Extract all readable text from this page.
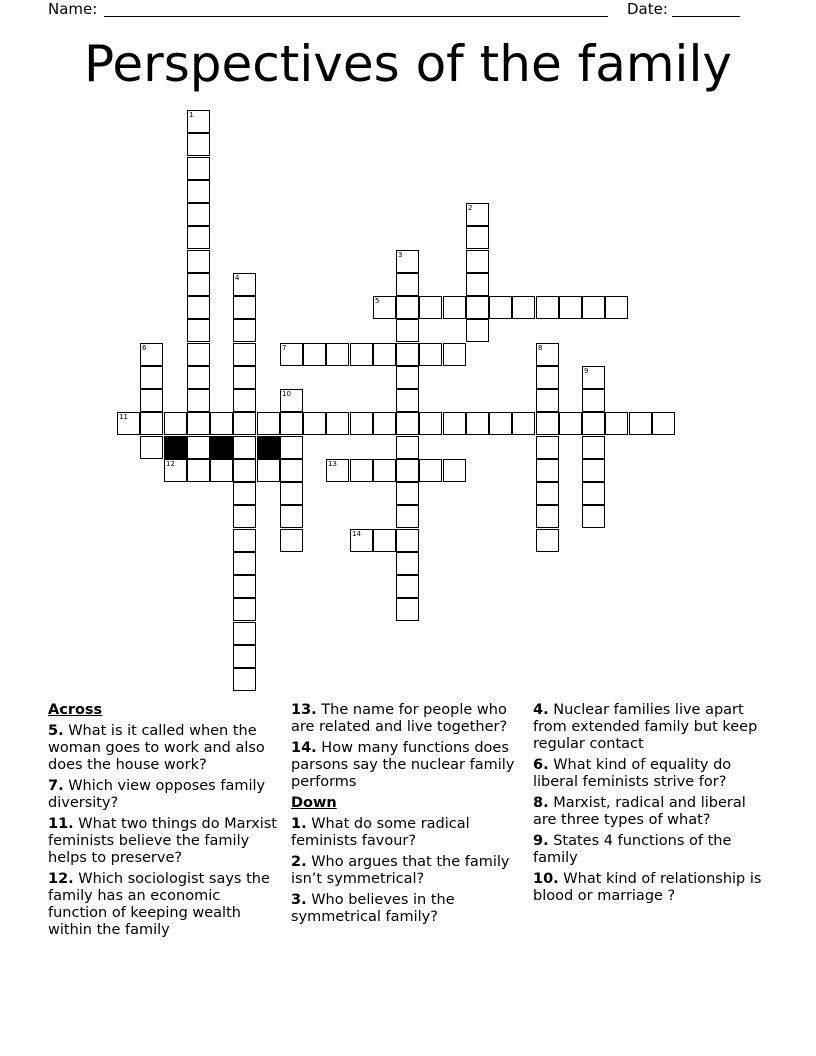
Name:	Date:
Perspectives of the family
1
2
3
4
5
6	7	8
9
10
11
12	13
14
Across
5. What is it called when the woman goes to work and also does the house work?
7. Which view opposes family diversity?
11. What two things do Marxist feminists believe the family helps to preserve?
12. Which sociologist says the family has an economic function of keeping wealth within the family
13. The name for people who are related and live together?
14. How many functions does parsons say the nuclear family performs
Down
1. What do some radical feminists favour?
2. Who argues that the family isn’t symmetrical?
3. Who believes in the symmetrical family?
4. Nuclear families live apart from extended family but keep regular contact
6. What kind of equality do liberal feminists strive for?
8. Marxist, radical and liberal are three types of what?
9. States 4 functions of the family
10. What kind of relationship is blood or marriage ?
